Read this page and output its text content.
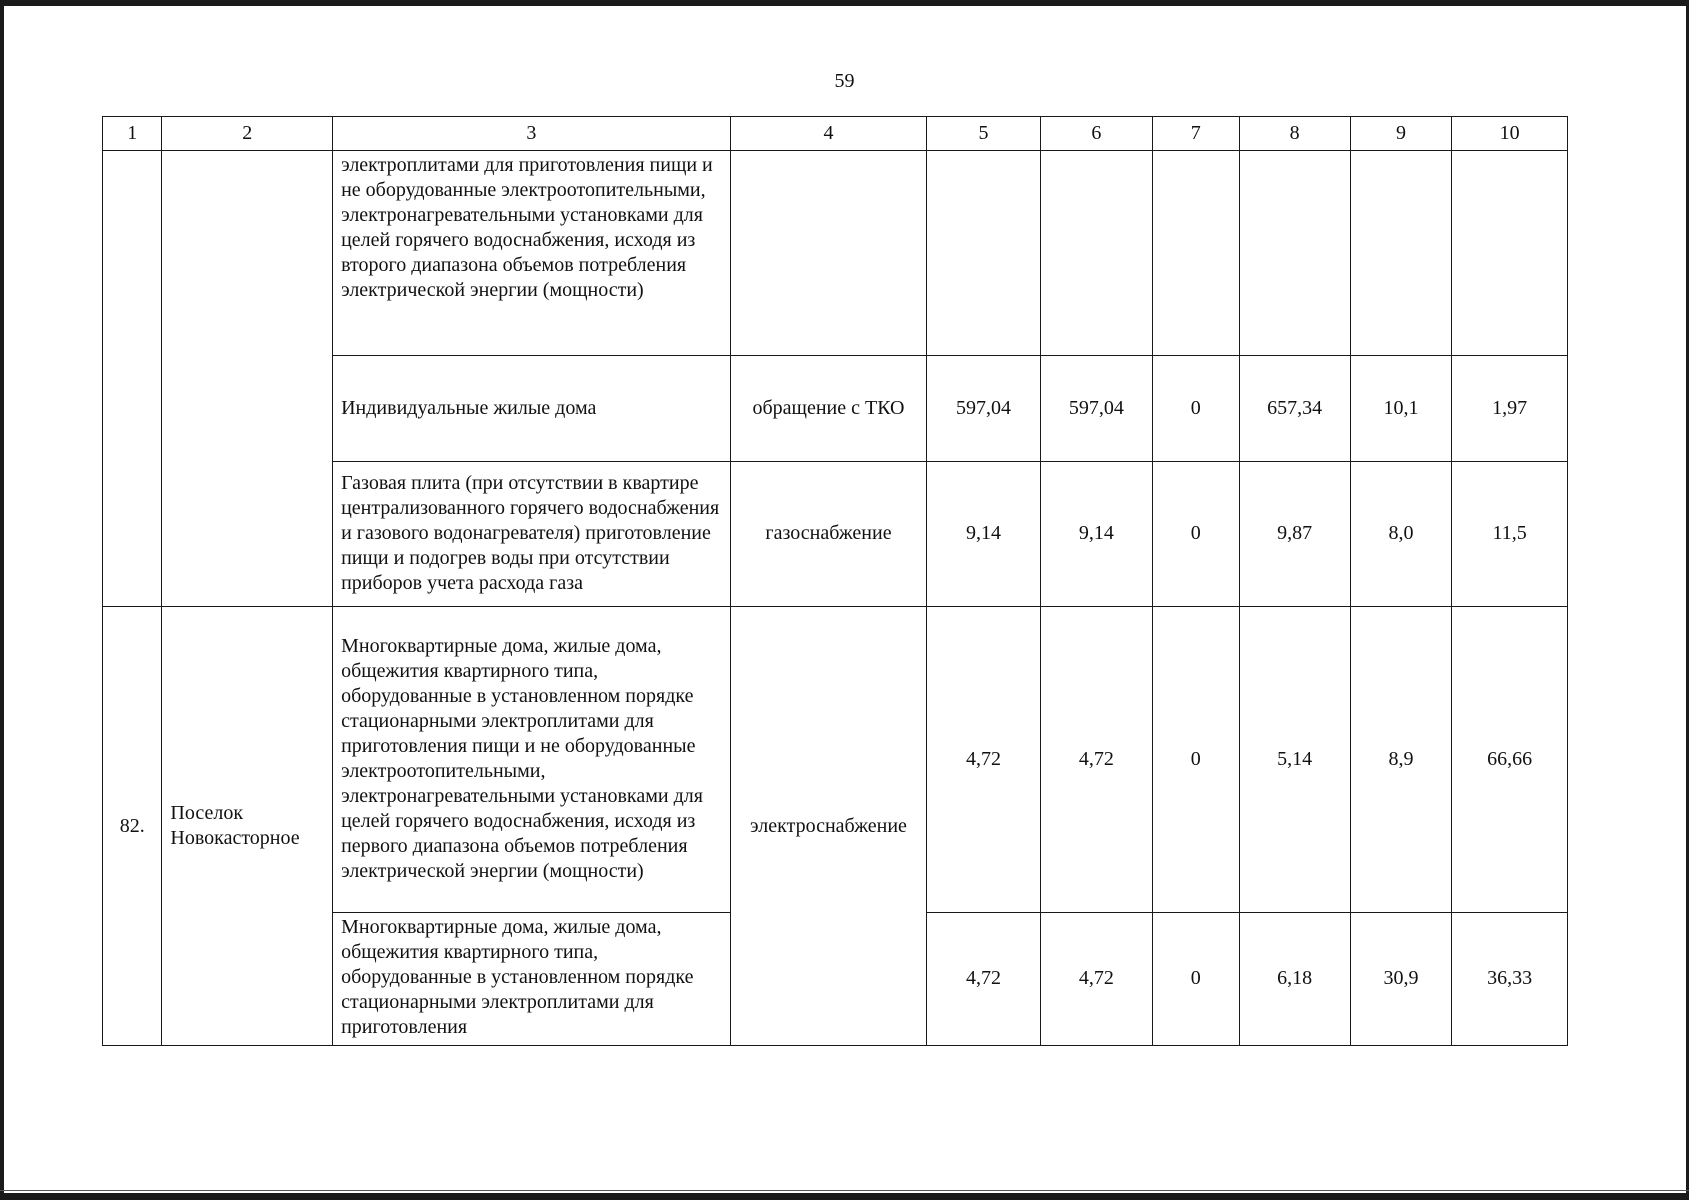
59
1	2	3	4	5	6	7	8	9	10
		электроплитами для приготовления пищи и не оборудованные электроотопительными, электронагревательными установками для целей горячего водоснабжения, исходя из второго диапазона объемов потребления электрической энергии (мощности)							
		Индивидуальные жилые дома	обращение с ТКО	597,04	597,04	0	657,34	10,1	1,97
		Газовая плита (при отсутствии в квартире централизованного горячего водоснабжения и газового водонагревателя) приготовление пищи и подогрев воды при отсутствии приборов учета расхода газа	газоснабжение	9,14	9,14	0	9,87	8,0	11,5
82.	Поселок Новокасторное	Многоквартирные дома, жилые дома, общежития квартирного типа, оборудованные в установленном порядке стационарными электроплитами для приготовления пищи и не оборудованные электроотопительными, электронагревательными установками для целей горячего водоснабжения, исходя из первого диапазона объемов потребления электрической энергии (мощности)	электроснабжение	4,72	4,72	0	5,14	8,9	66,66
		Многоквартирные дома, жилые дома, общежития квартирного типа, оборудованные в установленном порядке стационарными электроплитами для приготовления		4,72	4,72	0	6,18	30,9	36,33
